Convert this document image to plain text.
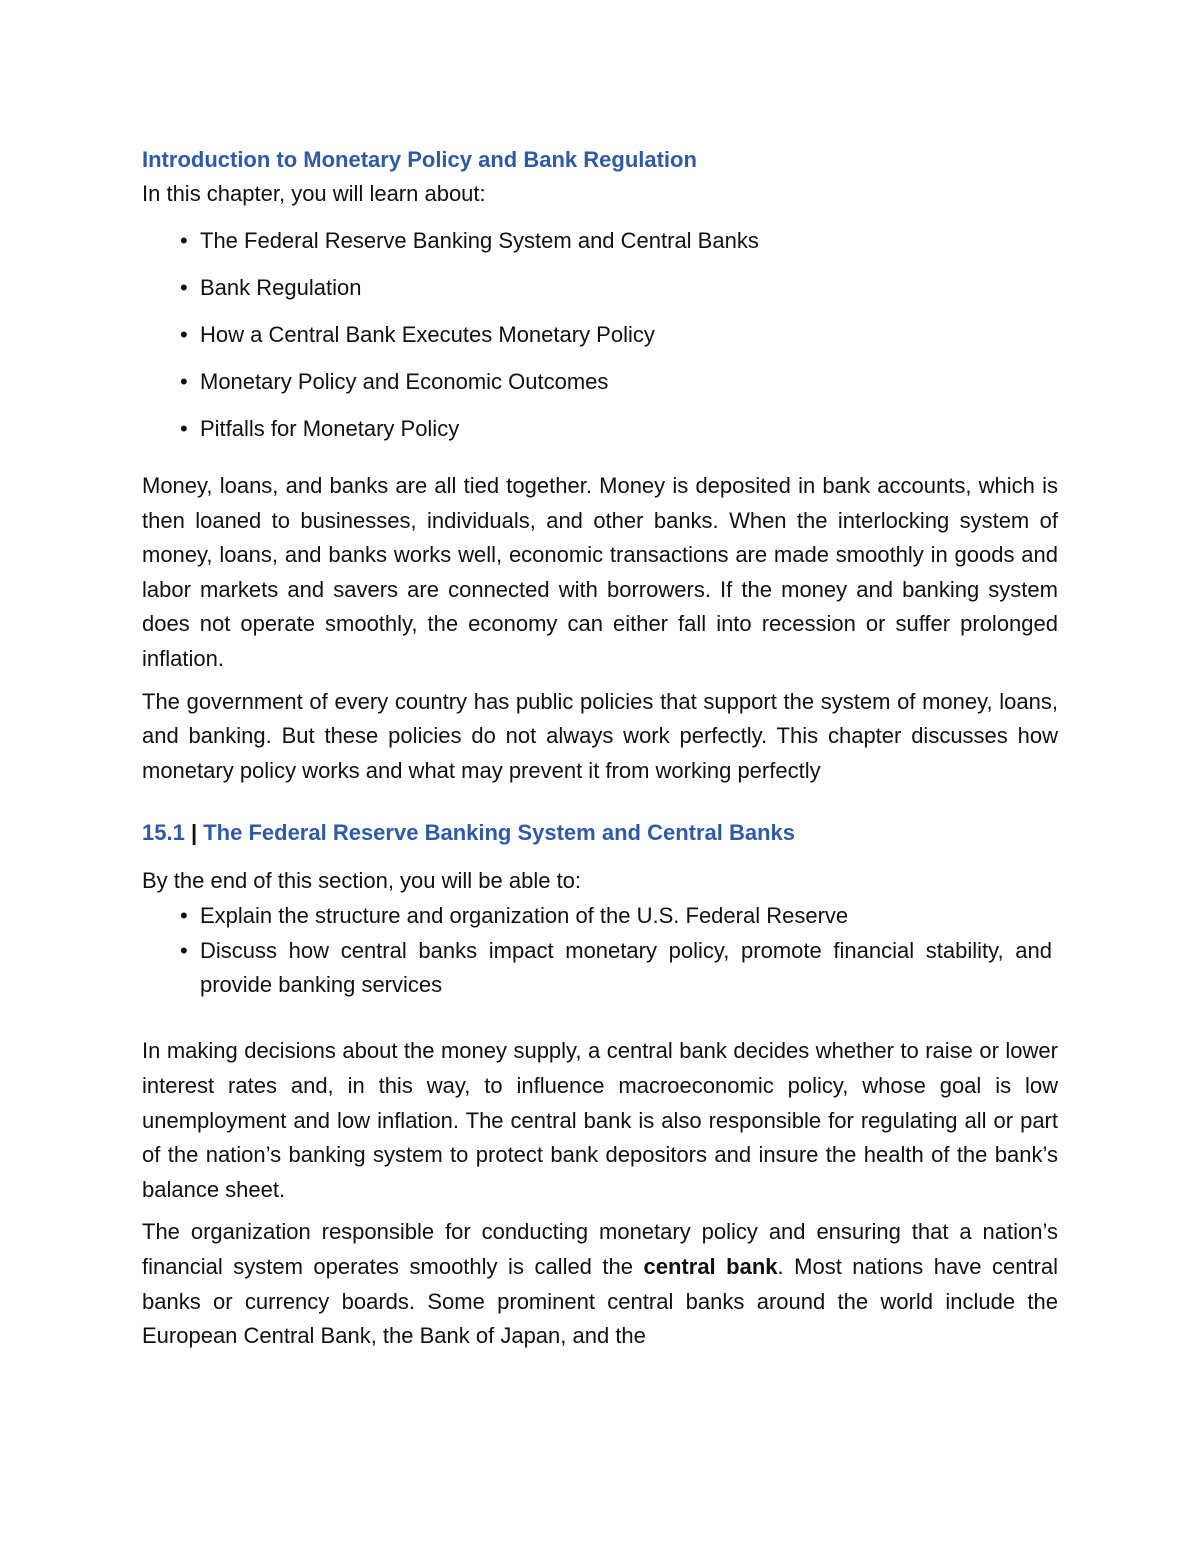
Introduction to Monetary Policy and Bank Regulation

In this chapter, you will learn about:

• The Federal Reserve Banking System and Central Banks
• Bank Regulation
• How a Central Bank Executes Monetary Policy
• Monetary Policy and Economic Outcomes
• Pitfalls for Monetary Policy

Money, loans, and banks are all tied together. Money is deposited in bank accounts, which is then loaned to businesses, individuals, and other banks. When the interlocking system of money, loans, and banks works well, economic transactions are made smoothly in goods and labor markets and savers are connected with borrowers. If the money and banking system does not operate smoothly, the economy can either fall into recession or suffer prolonged inflation.

The government of every country has public policies that support the system of money, loans, and banking. But these policies do not always work perfectly. This chapter discusses how monetary policy works and what may prevent it from working perfectly

15.1 | The Federal Reserve Banking System and Central Banks

By the end of this section, you will be able to:

• Explain the structure and organization of the U.S. Federal Reserve
• Discuss how central banks impact monetary policy, promote financial stability, and provide banking services

In making decisions about the money supply, a central bank decides whether to raise or lower interest rates and, in this way, to influence macroeconomic policy, whose goal is low unemployment and low inflation. The central bank is also responsible for regulating all or part of the nation’s banking system to protect bank depositors and insure the health of the bank’s balance sheet.

The organization responsible for conducting monetary policy and ensuring that a nation’s financial system operates smoothly is called the central bank. Most nations have central banks or currency boards. Some prominent central banks around the world include the European Central Bank, the Bank of Japan, and the
